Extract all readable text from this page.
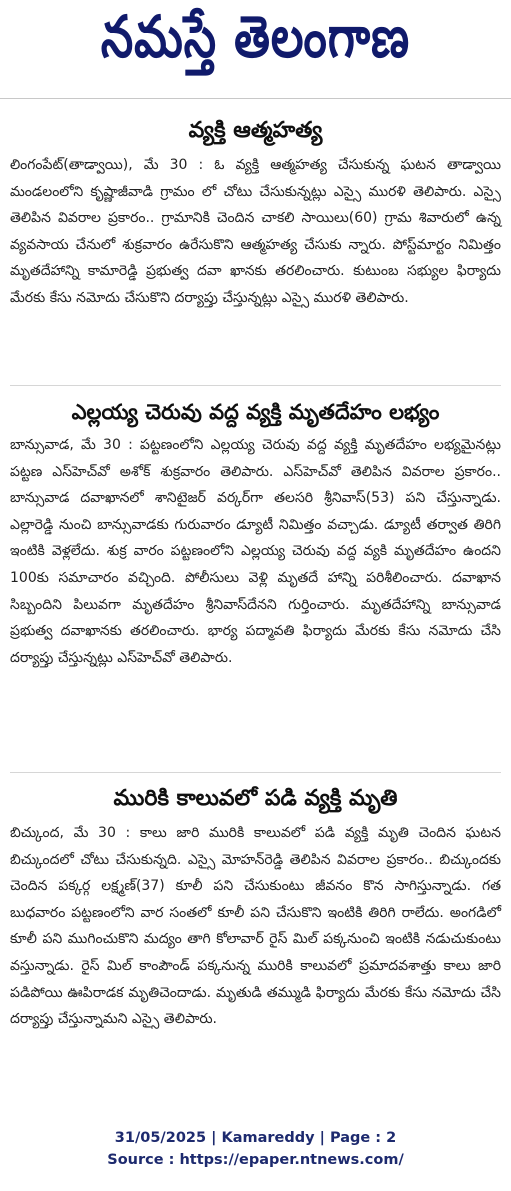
నమస్తే తెలంగాణ
వ్యక్తి ఆత్మహత్య

లింగంపేట్(తాడ్వాయి), మే 30 : ఓ వ్యక్తి ఆత్మహత్య చేసుకున్న ఘటన తాడ్వాయి మండలంలోని కృష్ణాజీవాడి గ్రామం లో చోటు చేసుకున్నట్లు ఎస్సై మురళి తెలిపారు. ఎస్సై తెలిపిన వివరాల ప్రకారం.. గ్రామానికి చెందిన చాకలి సాయిలు(60) గ్రామ శివారులో ఉన్న వ్యవసాయ చేనులో శుక్రవారం ఉరేసుకొని ఆత్మహత్య చేసుకు న్నారు. పోస్ట్‌మార్టం నిమిత్తం మృతదేహాన్ని కామారెడ్డి ప్రభుత్వ దవా ఖానకు తరలించారు. కుటుంబ సభ్యుల ఫిర్యాదు మేరకు కేసు నమోదు చేసుకొని దర్యాప్తు చేస్తున్నట్లు ఎస్సై మురళి తెలిపారు.

ఎల్లయ్య చెరువు వద్ద వ్యక్తి మృతదేహం లభ్యం

బాన్సువాడ, మే 30 : పట్టణంలోని ఎల్లయ్య చెరువు వద్ద వ్యక్తి మృతదేహం లభ్యమైనట్లు పట్టణ ఎస్‌హెచ్‌వో అశోక్ శుక్రవారం తెలిపారు. ఎస్‌హెచ్‌వో తెలిపిన వివరాల ప్రకారం.. బాన్సువాడ దవాఖానలో శానిటైజర్ వర్కర్‌గా తలసరి శ్రీనివాస్(53) పని చేస్తున్నాడు. ఎల్లారెడ్డి నుంచి బాన్సువాడకు గురువారం డ్యూటీ నిమిత్తం వచ్చాడు. డ్యూటీ తర్వాత తిరిగి ఇంటికి వెళ్లలేదు. శుక్ర వారం పట్టణంలోని ఎల్లయ్య చెరువు వద్ద వ్యకి మృతదేహం ఉందని 100కు సమాచారం వచ్చింది. పోలీసులు వెళ్లి మృతదే హాన్ని పరిశీలించారు. దవాఖాన సిబ్బందిని పిలువగా మృతదేహం శ్రీనివాస్‌దేనని గుర్తించారు. మృతదేహాన్ని బాన్సువాడ ప్రభుత్వ దవాఖానకు తరలించారు. భార్య పద్మావతి ఫిర్యాదు మేరకు కేసు నమోదు చేసి దర్యాప్తు చేస్తున్నట్లు ఎస్‌హెచ్‌వో తెలిపారు.

మురికి కాలువలో పడి వ్యక్తి మృతి

బిచ్కుంద, మే 30 : కాలు జారి మురికి కాలువలో పడి వ్యక్తి మృతి చెందిన ఘటన బిచ్కుందలో చోటు చేసుకున్నది. ఎస్సై మోహన్‌రెడ్డి తెలిపిన వివరాల ప్రకారం.. బిచ్కుందకు చెందిన పక్కర్గ లక్ష్మణ్(37) కూలీ పని చేసుకుంటు జీవనం కొన సాగిస్తున్నాడు. గత బుధవారం పట్టణంలోని వార సంతలో కూలీ పని చేసుకొని ఇంటికి తిరిగి రాలేదు. అంగడిలో కూలీ పని ముగించుకొని మద్యం తాగి కోలావార్ రైస్ మిల్ పక్కనుంచి ఇంటికి నడుచుకుంటు వస్తున్నాడు. రైస్ మిల్ కాంపౌండ్ పక్కనున్న మురికి కాలువలో ప్రమాదవశాత్తు కాలు జారి పడిపోయి ఊపిరాడక మృతిచెందాడు. మృతుడి తమ్ముడి ఫిర్యాదు మేరకు కేసు నమోదు చేసి దర్యాప్తు చేస్తున్నామని ఎస్సై తెలిపారు.

31/05/2025 | Kamareddy | Page : 2
Source : https://epaper.ntnews.com/
